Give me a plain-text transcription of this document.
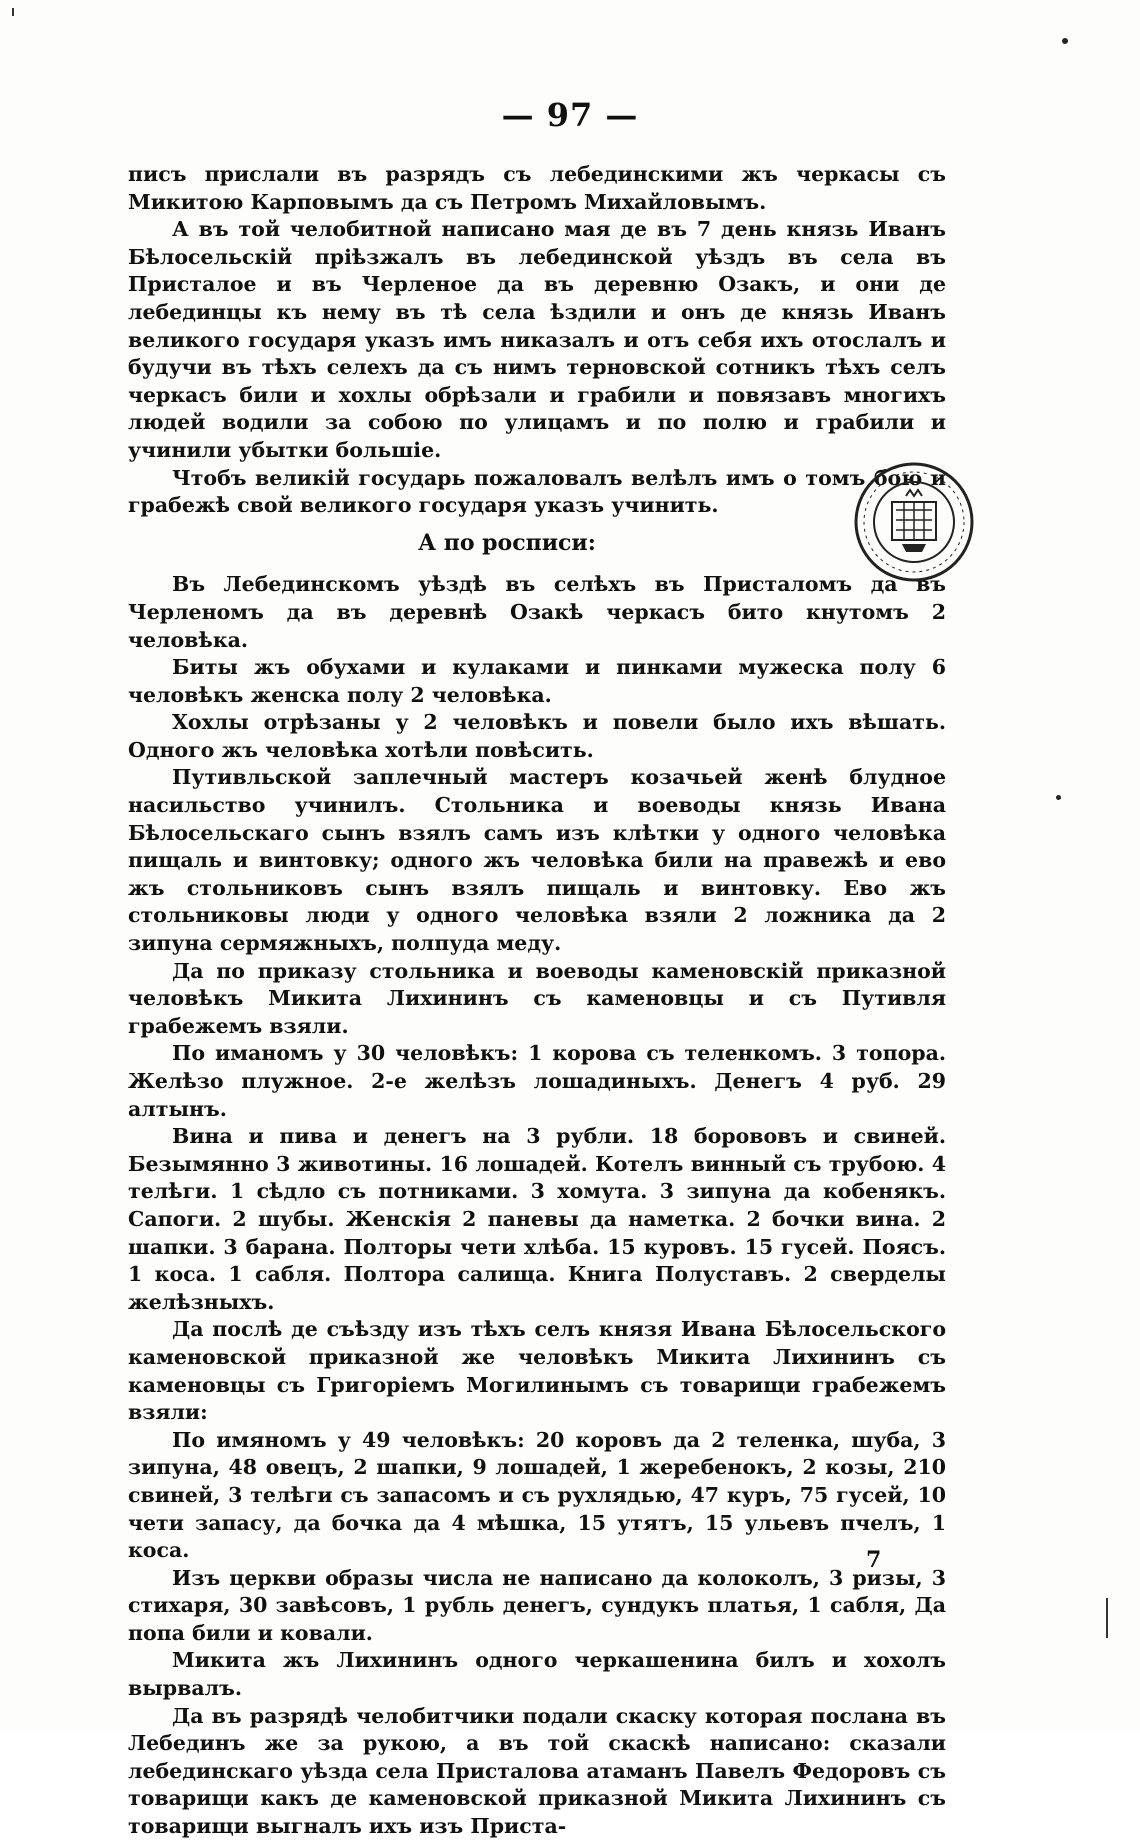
— 97 —

писъ прислали въ разрядъ съ лебединскими жъ черкасы съ Микитою Карповымъ да съ Петромъ Михайловымъ.

А въ той челобитной написано мая де въ 7 день князь Иванъ Бѣлосельскій пріѣзжалъ въ лебединской уѣздъ въ села въ Присталое и въ Черленое да въ деревню Озакъ, и они де лебединцы къ нему въ тѣ села ѣздили и онъ де князь Иванъ великого государя указъ имъ никазалъ и отъ себя ихъ отослалъ и будучи въ тѣхъ селехъ да съ нимъ терновской сотникъ тѣхъ селъ черкасъ били и хохлы обрѣзали и грабили и повязавъ многихъ людей водили за собою по улицамъ и по полю и грабили и учинили убытки большіе.

Чтобъ великій государь пожаловалъ велѣлъ имъ о томъ бою и грабежѣ свой великого государя указъ учинить.

А по росписи:

Въ Лебединскомъ уѣздѣ въ селѣхъ въ Присталомъ да въ Черленомъ да въ деревнѣ Озакѣ черкасъ бито кнутомъ 2 человѣка.

Биты жъ обухами и кулаками и пинками мужеска полу 6 человѣкъ женска полу 2 человѣка.

Хохлы отрѣзаны у 2 человѣкъ и повели было ихъ вѣшать. Одного жъ человѣка хотѣли повѣсить.

Путивльской заплечный мастеръ козачьей женѣ блудное насильство учинилъ. Стольника и воеводы князь Ивана Бѣлосельскаго сынъ взялъ самъ изъ клѣтки у одного человѣка пищаль и винтовку; одного жъ человѣка били на правежѣ и ево жъ стольниковъ сынъ взялъ пищаль и винтовку. Ево жъ стольниковы люди у одного человѣка взяли 2 ложника да 2 зипуна сермяжныхъ, полпуда меду.

Да по приказу стольника и воеводы каменовскій приказной человѣкъ Микита Лихининъ съ каменовцы и съ Путивля грабежемъ взяли.

По иманомъ у 30 человѣкъ: 1 корова съ теленкомъ. 3 топора. Желѣзо плужное. 2-е желѣзъ лошадиныхъ. Денегъ 4 руб. 29 алтынъ.

Вина и пива и денегъ на 3 рубли. 18 борововъ и свиней. Безымянно 3 животины. 16 лошадей. Котелъ винный съ трубою. 4 телѣги. 1 сѣдло съ потниками. 3 хомута. 3 зипуна да кобенякъ. Сапоги. 2 шубы. Женскія 2 паневы да наметка. 2 бочки вина. 2 шапки. 3 барана. Полторы чети хлѣба. 15 куровъ. 15 гусей. Поясъ. 1 коса. 1 сабля. Полтора салища. Книга Полуставъ. 2 сверделы желѣзныхъ.

Да послѣ де съѣзду изъ тѣхъ селъ князя Ивана Бѣлосельского каменовской приказной же человѣкъ Микита Лихининъ съ каменовцы съ Григоріемъ Могилинымъ съ товарищи грабежемъ взяли:

По имяномъ у 49 человѣкъ: 20 коровъ да 2 теленка, шуба, 3 зипуна, 48 овецъ, 2 шапки, 9 лошадей, 1 жеребенокъ, 2 козы, 210 свиней, 3 телѣги съ запасомъ и съ рухлядью, 47 куръ, 75 гусей, 10 чети запасу, да бочка да 4 мѣшка, 15 утятъ, 15 ульевъ пчелъ, 1 коса.

Изъ церкви образы числа не написано да колоколъ, 3 ризы, 3 стихаря, 30 завѣсовъ, 1 рубль денегъ, сундукъ платья, 1 сабля, Да попа били и ковали.

Микита жъ Лихининъ одного черкашенина билъ и хохолъ вырвалъ.

Да въ разрядѣ челобитчики подали скаску которая послана въ Лебединъ же за рукою, а въ той скаскѣ написано: сказали лебединскагo уѣзда села Присталова атаманъ Павелъ Федоровъ съ товарищи какъ де каменовской приказной Микита Лихининъ съ товарищи выгналъ ихъ изъ Приста-

7
